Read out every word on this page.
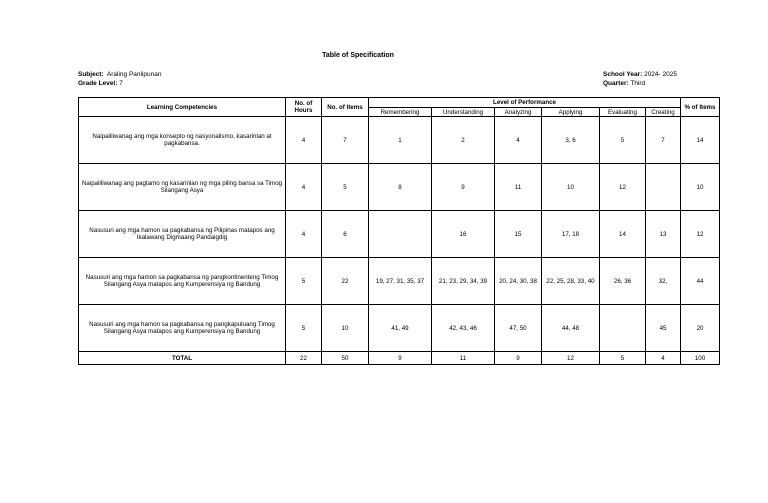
Table of Specification
Subject: Araling Panlipunan
Grade Level: 7
School Year: 2024- 2025
Quarter: Third
Learning Competencies	No. of Hours	No. of Items	Level of Performance						% of Items
			Remembering	Understanding	Analyzing	Applying	Evaluating	Creating	
Naipaliliwanag ang mga konsepto ng nasyonalismo, kasarinlan at pagkabansa.	4	7	1	2	4	3, 6	5	7	14
Naipaliliwanag ang pagtamo ng kasarinlan ng mga piling bansa sa Timog Silangang Asya	4	5	8	9	11	10	12		10
Nasusuri ang mga hamon sa pagkabansa ng Pilipinas matapos ang Ikalawang Digmaang Pandaigdig	4	6		16	15	17, 18	14	13	12
Nasusuri ang mga hamon sa pagkabansa ng pangkontinenteng Timog Silangang Asya matapos ang Kumperensiya ng Bandung	5	22	19, 27, 31, 35, 37	21, 23, 29, 34, 39	20, 24, 30, 38	22, 25, 28, 33, 40	26, 36	32,	44
Nasusuri ang mga hamon sa pagkabansa ng pangkapuluang Timog Silangang Asya matapos ang Kumperensiya ng Bandung	5	10	41, 49	42, 43, 46	47, 50	44, 48		45	20
TOTAL	22	50	9	11	9	12	5	4	100
